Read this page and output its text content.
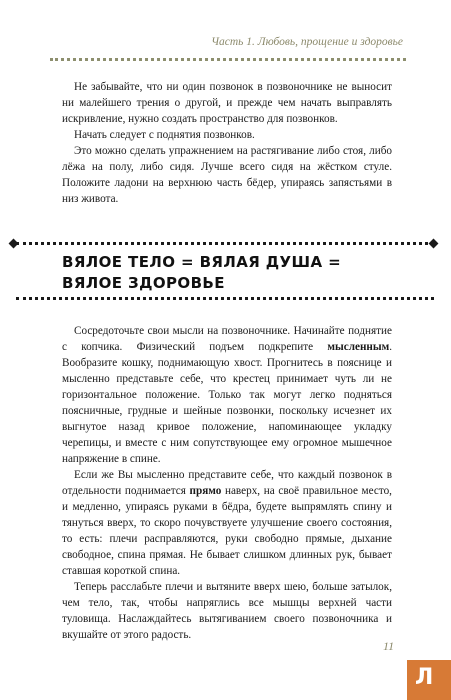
Часть 1. Любовь, прощение и здоровье

Не забывайте, что ни один позвонок в позвоночнике не выносит ни малейшего трения о другой, и прежде чем начать выправлять искривление, нужно создать пространство для позвонков.

Начать следует с поднятия позвонков.

Это можно сделать упражнением на растягивание либо стоя, либо лёжа на полу, либо сидя. Лучше всего сидя на жёстком стуле. Положите ладони на верхнюю часть бёдер, упираясь запястьями в низ живота.

ВЯЛОЕ ТЕЛО = ВЯЛАЯ ДУША = ВЯЛОЕ ЗДОРОВЬЕ

Сосредоточьте свои мысли на позвоночнике. Начинайте поднятие с копчика. Физический подъем подкрепите мысленным. Вообразите кошку, поднимающую хвост. Прогнитесь в пояснице и мысленно представьте себе, что крестец принимает чуть ли не горизонтальное положение. Только так могут легко подняться поясничные, грудные и шейные позвонки, поскольку исчезнет их выгнутое назад кривое положение, напоминающее укладку черепицы, и вместе с ним сопутствующее ему огромное мышечное напряжение в спине.

Если же Вы мысленно представите себе, что каждый позвонок в отдельности поднимается прямо наверх, на своё правильное место, и медленно, упираясь руками в бёдра, будете выпрямлять спину и тянуться вверх, то скоро почувствуете улучшение своего состояния, то есть: плечи расправляются, руки свободно прямые, дыхание свободное, спина прямая. Не бывает слишком длинных рук, бывает ставшая короткой спина.

Теперь расслабьте плечи и вытяните вверх шею, больше затылок, чем тело, так, чтобы напряглись все мышцы верхней части туловища. Наслаждайтесь вытягиванием своего позвоночника и вкушайте от этого радость.

11
Л
